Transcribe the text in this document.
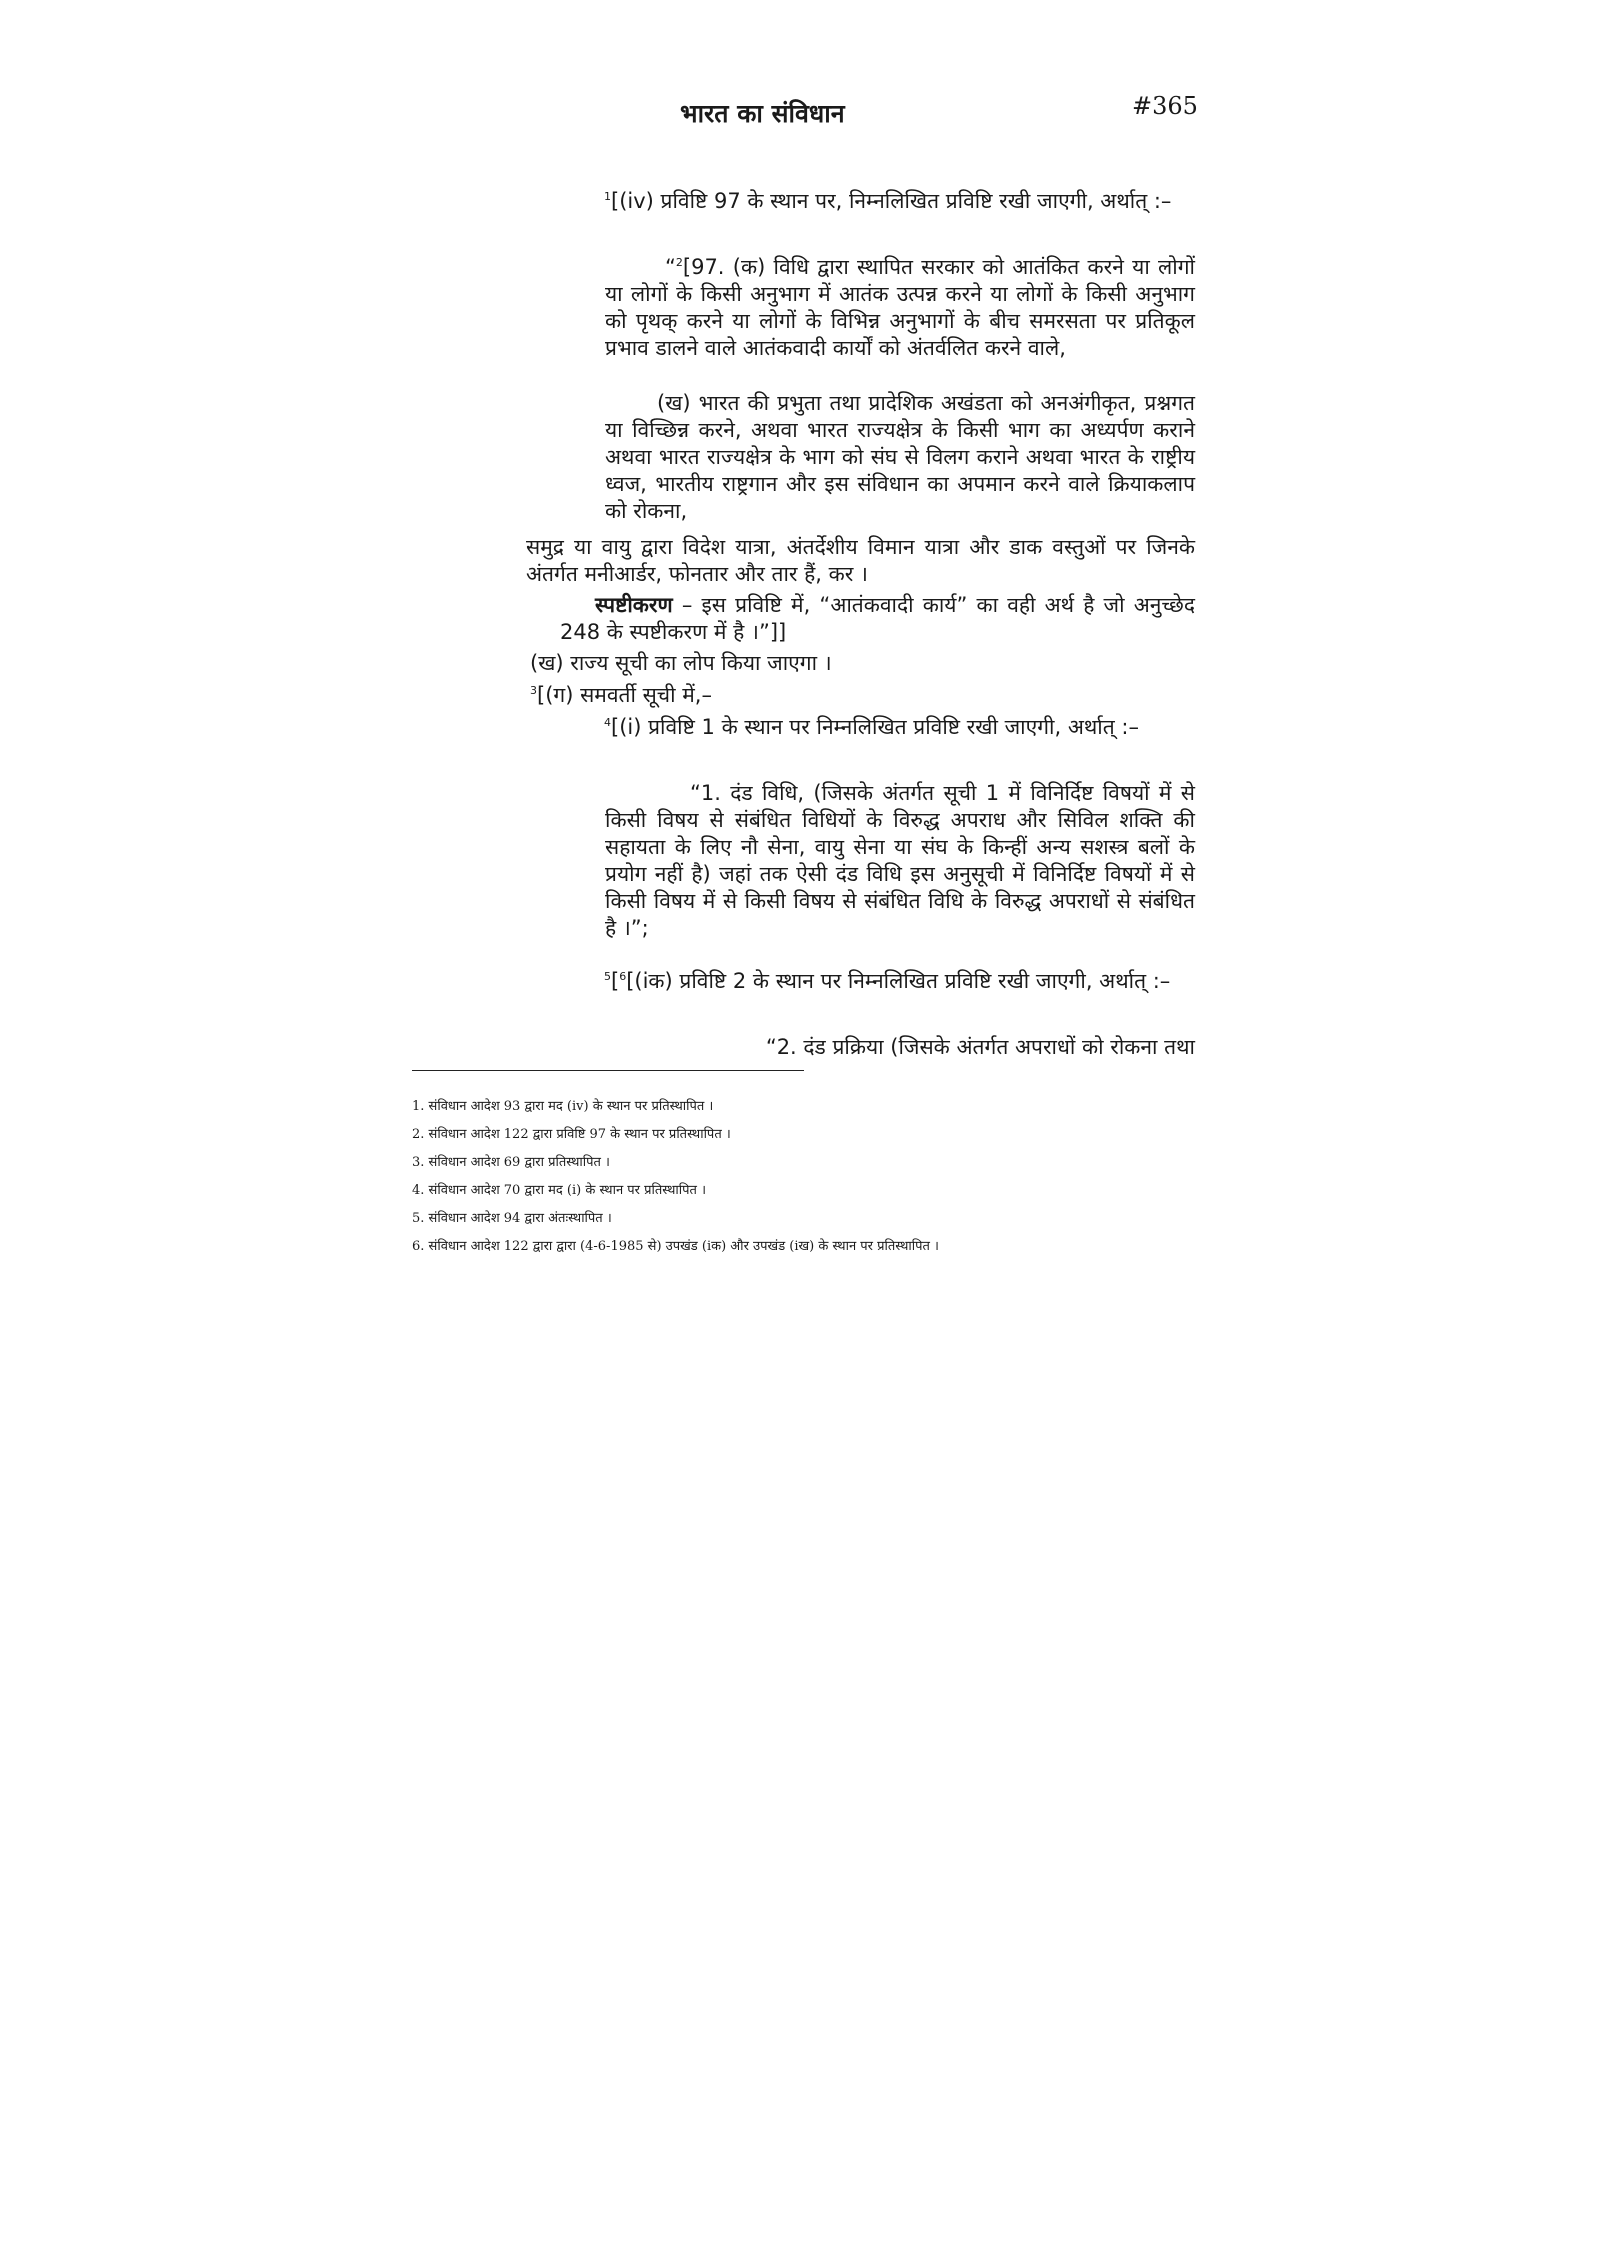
भारत का संविधान	#365

$^1$[(iv) प्रविष्टि 97 के स्थान पर, निम्नलिखित प्रविष्टि रखी जाएगी, अर्थात् :–

“$^2$[97. (क) विधि द्वारा स्थापित सरकार को आतंकित करने या लोगों या लोगों के किसी अनुभाग में आतंक उत्पन्न करने या लोगों के किसी अनुभाग को पृथक् करने या लोगों के विभिन्न अनुभागों के बीच समरसता पर प्रतिकूल प्रभाव डालने वाले आतंकवादी कार्यों को अंतर्वलित करने वाले,

(ख) भारत की प्रभुता तथा प्रादेशिक अखंडता को अनअंगीकृत, प्रश्नगत या विच्छिन्न करने, अथवा भारत राज्यक्षेत्र के किसी भाग का अध्यर्पण कराने अथवा भारत राज्यक्षेत्र के भाग को संघ से विलग कराने अथवा भारत के राष्ट्रीय ध्वज, भारतीय राष्ट्रगान और इस संविधान का अपमान करने वाले क्रियाकलाप को रोकना,

समुद्र या वायु द्वारा विदेश यात्रा, अंतर्देशीय विमान यात्रा और डाक वस्तुओं पर जिनके अंतर्गत मनीआर्डर, फोनतार और तार हैं, कर ।

स्पष्टीकरण – इस प्रविष्टि में, “आतंकवादी कार्य” का वही अर्थ है जो अनुच्छेद 248 के स्पष्टीकरण में है ।”]]

(ख) राज्य सूची का लोप किया जाएगा ।

$^3$[(ग) समवर्ती सूची में,–

$^4$[(i) प्रविष्टि 1 के स्थान पर निम्नलिखित प्रविष्टि रखी जाएगी, अर्थात् :–

“1. दंड विधि, (जिसके अंतर्गत सूची 1 में विनिर्दिष्ट विषयों में से किसी विषय से संबंधित विधियों के विरुद्ध अपराध और सिविल शक्ति की सहायता के लिए नौ सेना, वायु सेना या संघ के किन्हीं अन्य सशस्त्र बलों के प्रयोग नहीं है) जहां तक ऐसी दंड विधि इस अनुसूची में विनिर्दिष्ट विषयों में से किसी विषय में से किसी विषय से संबंधित विधि के विरुद्ध अपराधों से संबंधित है ।”;

$^5$[$^6$[(iक) प्रविष्टि 2 के स्थान पर निम्नलिखित प्रविष्टि रखी जाएगी, अर्थात् :–

“2. दंड प्रक्रिया (जिसके अंतर्गत अपराधों को रोकना तथा

1. संविधान आदेश 93 द्वारा मद (iv) के स्थान पर प्रतिस्थापित ।
2. संविधान आदेश 122 द्वारा प्रविष्टि 97 के स्थान पर प्रतिस्थापित ।
3. संविधान आदेश 69 द्वारा प्रतिस्थापित ।
4. संविधान आदेश 70 द्वारा मद (i) के स्थान पर प्रतिस्थापित ।
5. संविधान आदेश 94 द्वारा अंतःस्थापित ।
6. संविधान आदेश 122 द्वारा द्वारा (4-6-1985 से) उपखंड (iक) और उपखंड (iख) के स्थान पर प्रतिस्थापित ।
